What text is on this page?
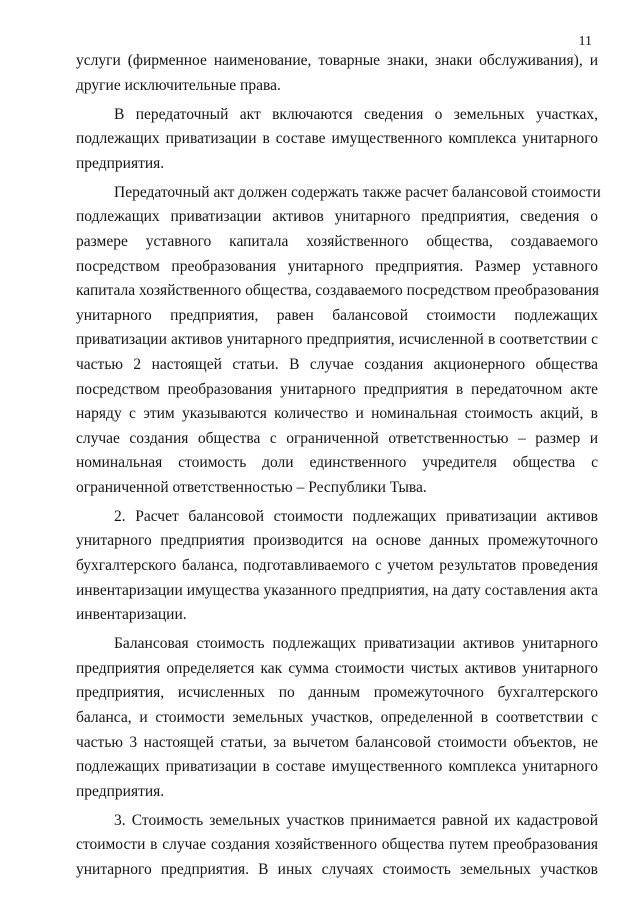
11
услуги (фирменное наименование, товарные знаки, знаки обслуживания), и
другие исключительные права.
В передаточный акт включаются сведения о земельных участках,
подлежащих приватизации в составе имущественного комплекса унитарного
предприятия.
Передаточный акт должен содержать также расчет балансовой стоимости
подлежащих приватизации активов унитарного предприятия, сведения о
размере уставного капитала хозяйственного общества, создаваемого
посредством преобразования унитарного предприятия. Размер уставного
капитала хозяйственного общества, создаваемого посредством преобразования
унитарного предприятия, равен балансовой стоимости подлежащих
приватизации активов унитарного предприятия, исчисленной в соответствии с
частью 2 настоящей статьи. В случае создания акционерного общества
посредством преобразования унитарного предприятия в передаточном акте
наряду с этим указываются количество и номинальная стоимость акций, в
случае создания общества с ограниченной ответственностью – размер и
номинальная стоимость доли единственного учредителя общества с
ограниченной ответственностью – Республики Тыва.
2. Расчет балансовой стоимости подлежащих приватизации активов
унитарного предприятия производится на основе данных промежуточного
бухгалтерского баланса, подготавливаемого с учетом результатов проведения
инвентаризации имущества указанного предприятия, на дату составления акта
инвентаризации.
Балансовая стоимость подлежащих приватизации активов унитарного
предприятия определяется как сумма стоимости чистых активов унитарного
предприятия, исчисленных по данным промежуточного бухгалтерского
баланса, и стоимости земельных участков, определенной в соответствии с
частью 3 настоящей статьи, за вычетом балансовой стоимости объектов, не
подлежащих приватизации в составе имущественного комплекса унитарного
предприятия.
3. Стоимость земельных участков принимается равной их кадастровой
стоимости в случае создания хозяйственного общества путем преобразования
унитарного предприятия. В иных случаях стоимость земельных участков
